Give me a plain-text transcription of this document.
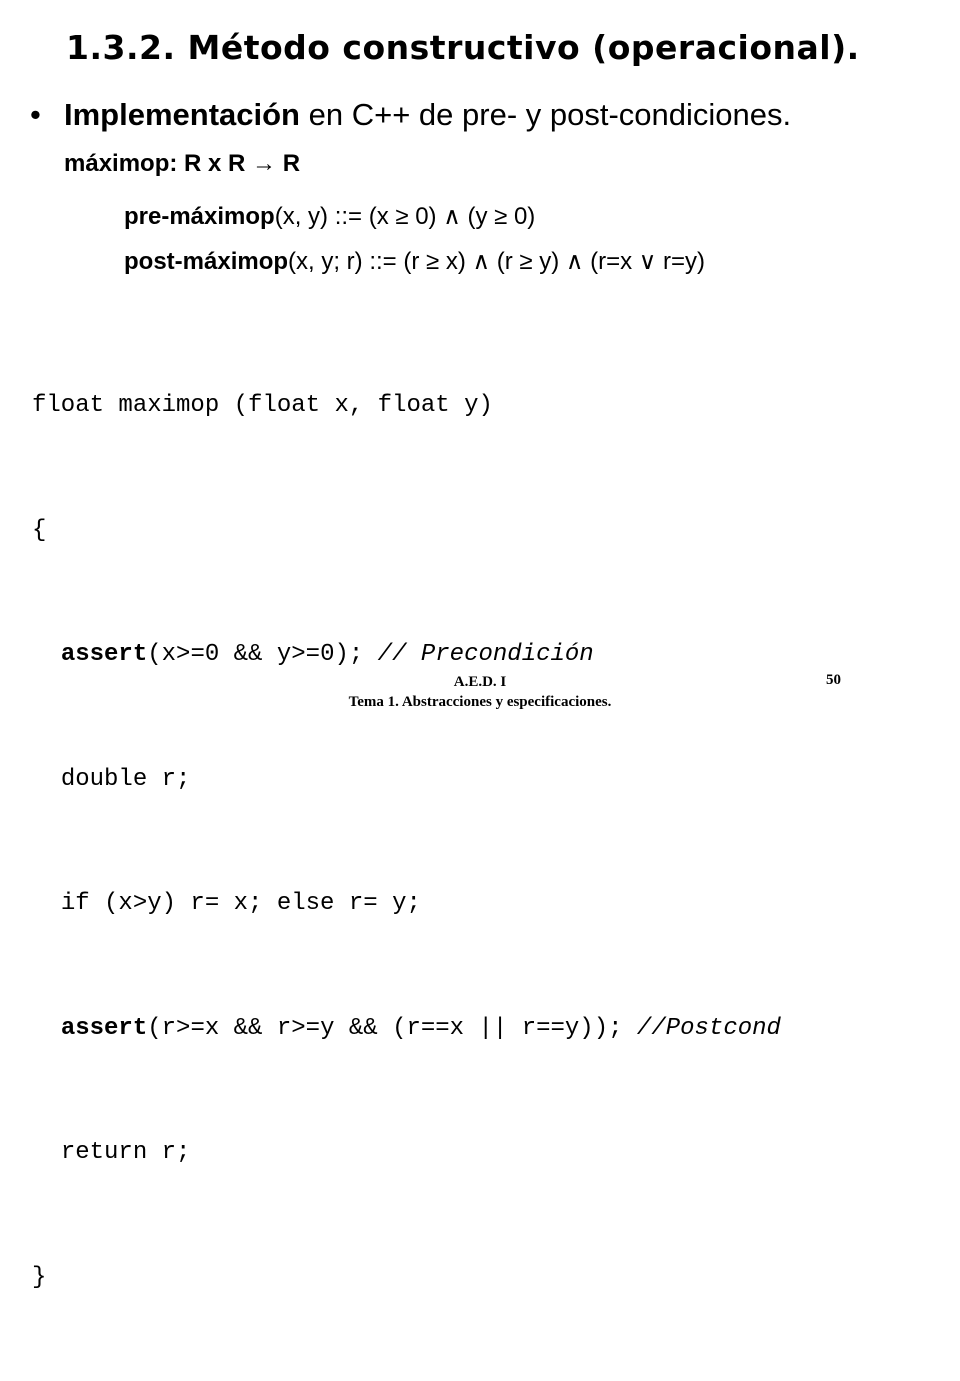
1.3.2. Método constructivo (operacional).
• Implementación en C++ de pre- y post-condiciones.
máximop: R x R → R
pre-máximop(x, y) ::= (x ≥ 0) ∧ (y ≥ 0)
post-máximop(x, y; r) ::= (r ≥ x) ∧ (r ≥ y) ∧ (r=x ∨ r=y)

float maximop (float x, float y)

{

assert(x>=0 && y>=0); // Precondición

double r;

if (x>y) r= x; else r= y;

assert(r>=x && r>=y && (r==x || r==y)); //Postcond

return r;

}

A.E.D. I
Tema 1. Abstracciones y especificaciones.
50
